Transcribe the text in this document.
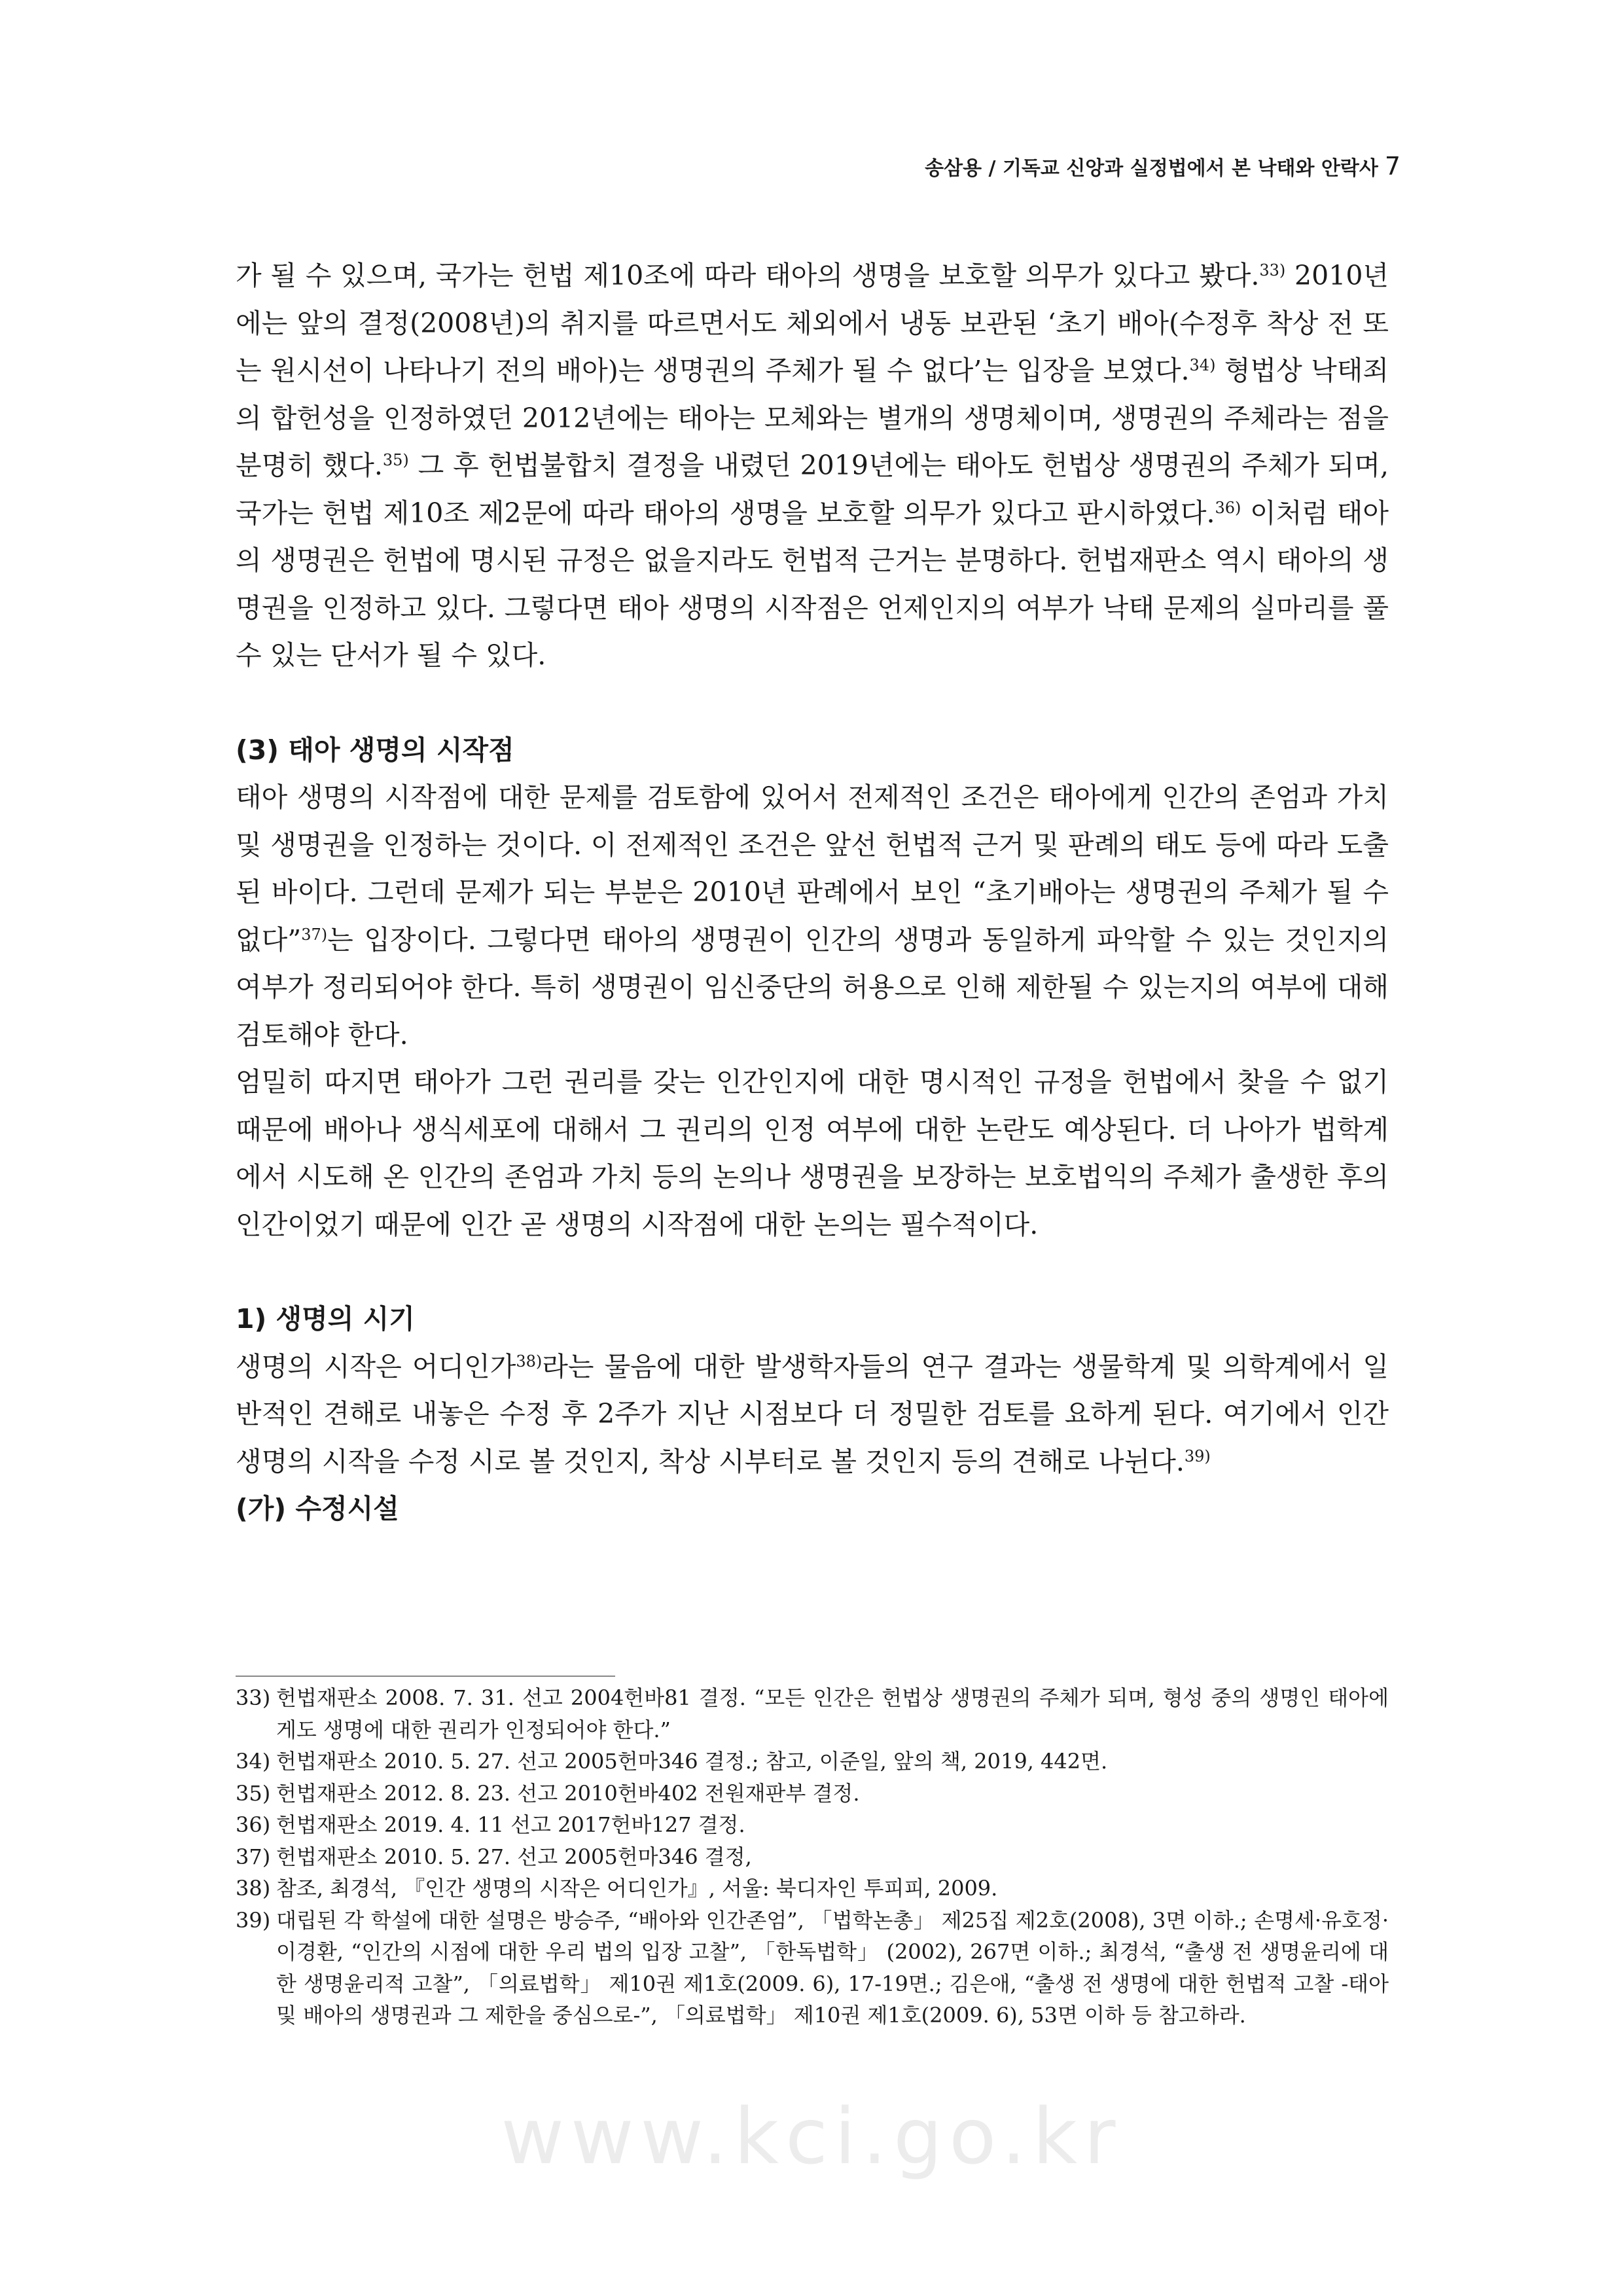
송삼용 / 기독교 신앙과 실정법에서 본 낙태와 안락사 7

가 될 수 있으며, 국가는 헌법 제10조에 따라 태아의 생명을 보호할 의무가 있다고 봤다.$^{33)}$ 2010년에는 앞의 결정(2008년)의 취지를 따르면서도 체외에서 냉동 보관된 ‘초기 배아(수정후 착상 전 또는 원시선이 나타나기 전의 배아)는 생명권의 주체가 될 수 없다’는 입장을 보였다.$^{34)}$ 형법상 낙태죄의 합헌성을 인정하였던 2012년에는 태아는 모체와는 별개의 생명체이며, 생명권의 주체라는 점을 분명히 했다.$^{35)}$ 그 후 헌법불합치 결정을 내렸던 2019년에는 태아도 헌법상 생명권의 주체가 되며, 국가는 헌법 제10조 제2문에 따라 태아의 생명을 보호할 의무가 있다고 판시하였다.$^{36)}$ 이처럼 태아의 생명권은 헌법에 명시된 규정은 없을지라도 헌법적 근거는 분명하다. 헌법재판소 역시 태아의 생명권을 인정하고 있다. 그렇다면 태아 생명의 시작점은 언제인지의 여부가 낙태 문제의 실마리를 풀 수 있는 단서가 될 수 있다.

(3) 태아 생명의 시작점

태아 생명의 시작점에 대한 문제를 검토함에 있어서 전제적인 조건은 태아에게 인간의 존엄과 가치 및 생명권을 인정하는 것이다. 이 전제적인 조건은 앞선 헌법적 근거 및 판례의 태도 등에 따라 도출된 바이다. 그런데 문제가 되는 부분은 2010년 판례에서 보인 “초기배아는 생명권의 주체가 될 수 없다”$^{37)}$는 입장이다. 그렇다면 태아의 생명권이 인간의 생명과 동일하게 파악할 수 있는 것인지의 여부가 정리되어야 한다. 특히 생명권이 임신중단의 허용으로 인해 제한될 수 있는지의 여부에 대해 검토해야 한다.

엄밀히 따지면 태아가 그런 권리를 갖는 인간인지에 대한 명시적인 규정을 헌법에서 찾을 수 없기 때문에 배아나 생식세포에 대해서 그 권리의 인정 여부에 대한 논란도 예상된다. 더 나아가 법학계에서 시도해 온 인간의 존엄과 가치 등의 논의나 생명권을 보장하는 보호법익의 주체가 출생한 후의 인간이었기 때문에 인간 곧 생명의 시작점에 대한 논의는 필수적이다.

1) 생명의 시기

생명의 시작은 어디인가$^{38)}$라는 물음에 대한 발생학자들의 연구 결과는 생물학계 및 의학계에서 일반적인 견해로 내놓은 수정 후 2주가 지난 시점보다 더 정밀한 검토를 요하게 된다. 여기에서 인간 생명의 시작을 수정 시로 볼 것인지, 착상 시부터로 볼 것인지 등의 견해로 나뉜다.$^{39)}$

(가) 수정시설
33) 헌법재판소 2008. 7. 31. 선고 2004헌바81 결정. “모든 인간은 헌법상 생명권의 주체가 되며, 형성 중의 생명인 태아에게도 생명에 대한 권리가 인정되어야 한다.”
34) 헌법재판소 2010. 5. 27. 선고 2005헌마346 결정.; 참고, 이준일, 앞의 책, 2019, 442면.
35) 헌법재판소 2012. 8. 23. 선고 2010헌바402 전원재판부 결정.
36) 헌법재판소 2019. 4. 11 선고 2017헌바127 결정.
37) 헌법재판소 2010. 5. 27. 선고 2005헌마346 결정,
38) 참조, 최경석, 『인간 생명의 시작은 어디인가』, 서울: 북디자인 투피피, 2009.
39) 대립된 각 학설에 대한 설명은 방승주, “배아와 인간존엄”, 「법학논총」 제25집 제2호(2008), 3면 이하.; 손명세·유호정·이경환, “인간의 시점에 대한 우리 법의 입장 고찰”, 「한독법학」 (2002), 267면 이하.; 최경석, “출생 전 생명윤리에 대한 생명윤리적 고찰”, 「의료법학」 제10권 제1호(2009. 6), 17-19면.; 김은애, “출생 전 생명에 대한 헌법적 고찰 -태아 및 배아의 생명권과 그 제한을 중심으로-”, 「의료법학」 제10권 제1호(2009. 6), 53면 이하 등 참고하라.
www.kci.go.kr
